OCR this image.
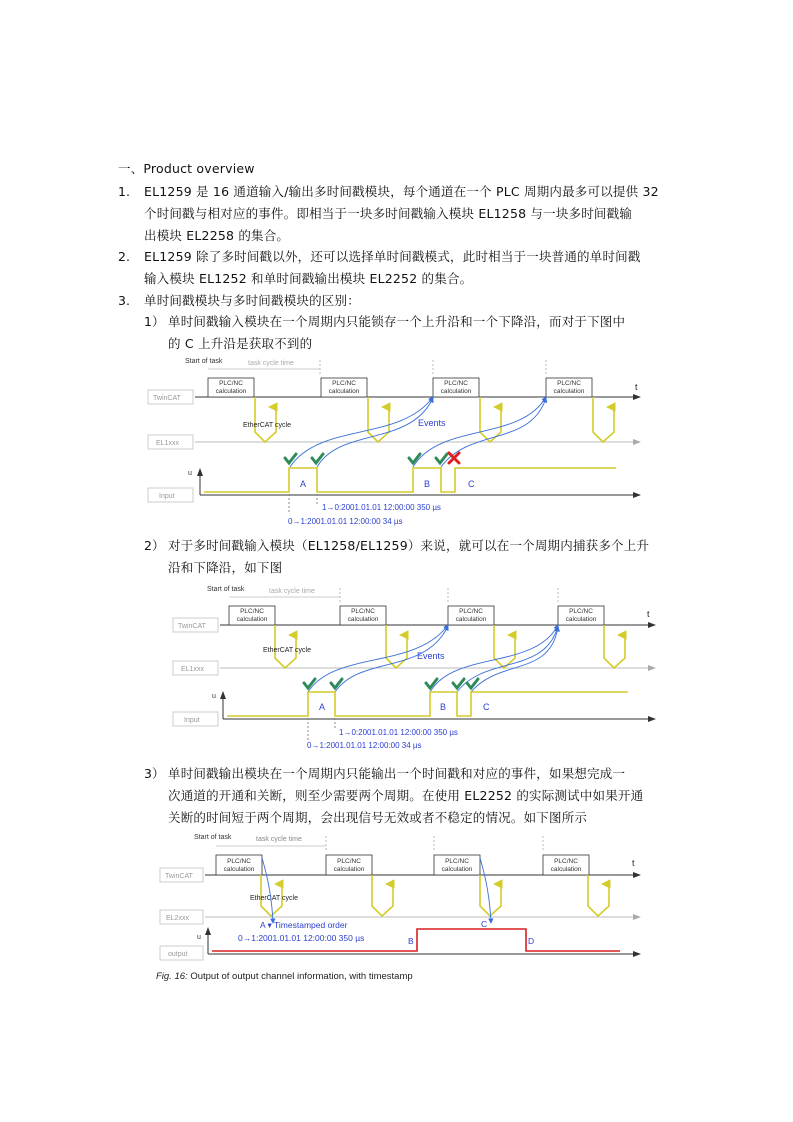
一、Product overview
1. EL1259 是 16 通道输入/输出多时间戳模块，每个通道在一个 PLC 周期内最多可以提供 32
个时间戳与相对应的事件。即相当于一块多时间戳输入模块 EL1258 与一块多时间戳输
出模块 EL2258 的集合。
2. EL1259 除了多时间戳以外，还可以选择单时间戳模式，此时相当于一块普通的单时间戳
输入模块 EL1252 和单时间戳输出模块 EL2252 的集合。
3. 单时间戳模块与多时间戳模块的区别：
1） 单时间戳输入模块在一个周期内只能锁存一个上升沿和一个下降沿，而对于下图中
的 C 上升沿是获取不到的
Start of task	task cycle time
TwinCAT
EL1xxx
Input
t
u
PLC/NC
calculation
PLC/NC
calculation
PLC/NC
calculation
PLC/NC
calculation
EtherCAT cycle	Events
A	B	C
1→0:2001.01.01 12:00:00 350 µs
0→1:2001.01.01 12:00:00 34 µs
2） 对于多时间戳输入模块（EL1258/EL1259）来说，就可以在一个周期内捕获多个上升
沿和下降沿，如下图
Start of task	task cycle time
TwinCAT
EL1xxx
Input
t
u
PLC/NC
calculation
PLC/NC
calculation
PLC/NC
calculation
PLC/NC
calculation
EtherCAT cycle
Events
A	B	C
1→0:2001.01.01 12:00:00 350 µs
0→1:2001.01.01 12:00:00 34 µs
3） 单时间戳输出模块在一个周期内只能输出一个时间戳和对应的事件，如果想完成一
次通道的开通和关断，则至少需要两个周期。在使用 EL2252 的实际测试中如果开通
关断的时间短于两个周期，会出现信号无效或者不稳定的情况。如下图所示
Start of task	task cycle time
TwinCAT
EL2xxx
output
t
u
PLC/NC
calculation
PLC/NC
calculation
PLC/NC
calculation
PLC/NC
calculation
EtherCAT cycle
A ▾ Timestamped order
0→1:2001.01.01 12:00:00 350 µs	B
C
D
Fig. 16: Output of output channel information, with timestamp
